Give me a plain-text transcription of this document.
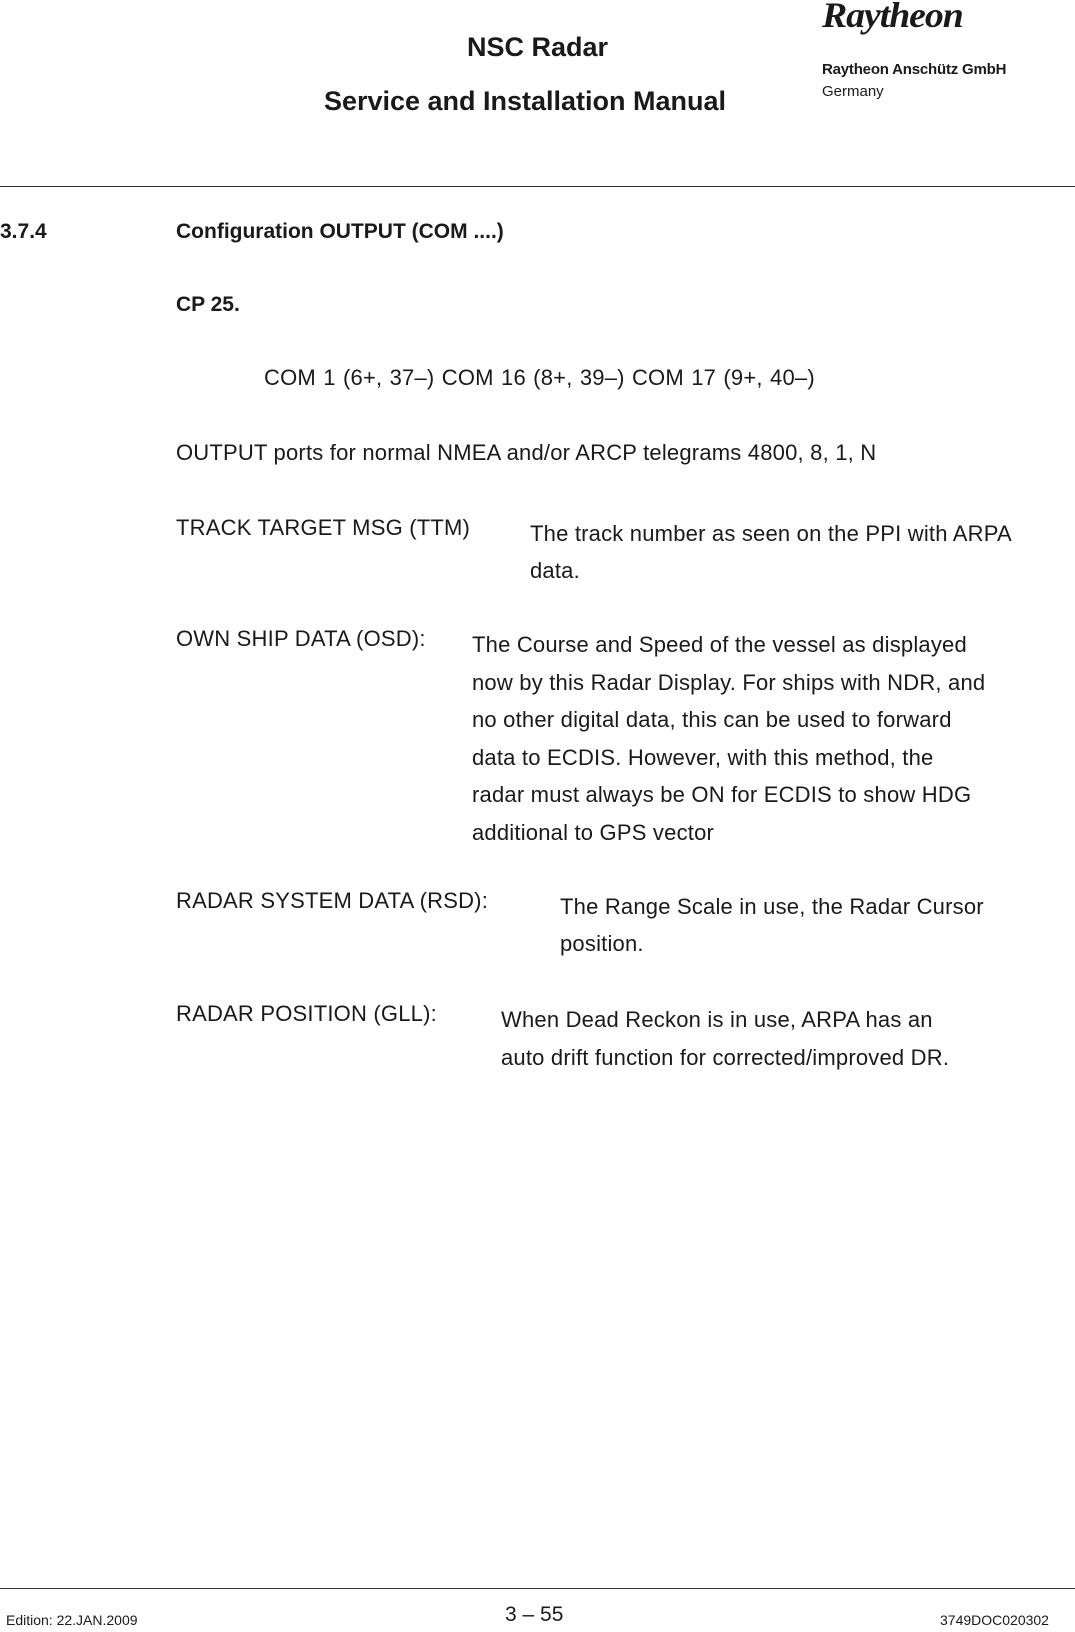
NSC Radar
Service and Installation Manual
Raytheon
Raytheon Anschütz GmbH
Germany
3.7.4	Configuration OUTPUT (COM ....)
CP 25.
COM 1 (6+, 37–) COM 16 (8+, 39–) COM 17 (9+, 40–)
OUTPUT ports for normal NMEA and/or ARCP telegrams 4800, 8, 1, N
TRACK TARGET MSG (TTM)	The track number as seen on the PPI with ARPA
data.
OWN SHIP DATA (OSD): The Course and Speed of the vessel as displayed
now by this Radar Display. For ships with NDR, and
no other digital data, this can be used to forward
data to ECDIS. However, with this method, the
radar must always be ON for ECDIS to show HDG
additional to GPS vector
RADAR SYSTEM DATA (RSD):	The Range Scale in use, the Radar Cursor
position.
RADAR POSITION (GLL):	When Dead Reckon is in use, ARPA has an
auto drift function for corrected/improved DR.
Edition: 22.JAN.2009	3 – 55	3749DOC020302
